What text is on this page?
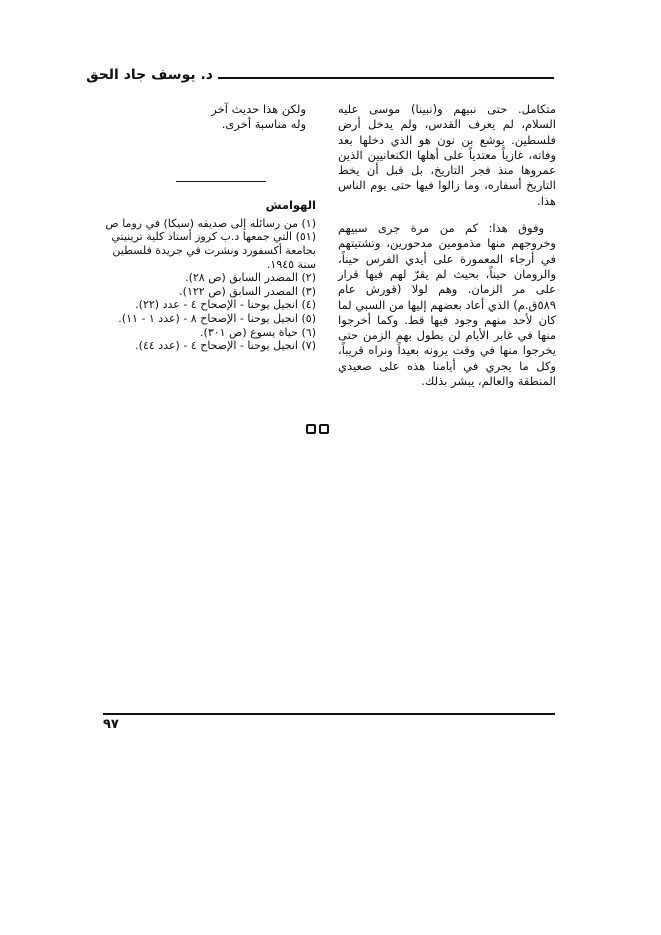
د. يوسف جاد الحق

متكامل. حتى نبيهم و(نبينا) موسى عليه السلام، لم يعرف القدس، ولم يدخل أرض فلسطين. يوشع بن نون هو الذي دخلها بعد وفاته، غازياً معتدياً على أهلها الكنعانيين الذين عمروها منذ فجر التاريخ، بل قبل أن يخط التاريخ أسفاره، وما زالوا فيها حتى يوم الناس هذا.

وفوق هذا: كم من مرة جرى سبيهم وخروجهم منها مذمومين مدحورين، وتشتيتهم في أرجاء المعمورة على أيدي الفرس حيناً، والرومان حيناً، بحيث لم يقرّ لهم فيها قرار على مر الزمان. وهم لولا (قورش عام ٥٨٩ق.م) الذي أعاد بعضهم إليها من السبي لما كان لأحد منهم وجود فيها قط. وكما أخرجوا منها في غابر الأيام لن يطول بهم الزمن حتى يخرجوا منها في وقت يرونه بعيداً ونراه قريباً، وكل ما يجري في أيامنا هذه على صعيدي المنطقة والعالم، يبشر بذلك.

ولكن هذا حديث آخر

وله مناسبة أخرى.

الهوامش
(١) من رسائله إلى صديقه (سيكا) في روما ص (٥١) التي جمعها د.ب كروز أستاذ كلية ترينيتي بجامعة أكسفورد ونشرت في جريدة فلسطين سنة ١٩٤٥.
(٢) المصدر السابق (ص ٢٨).
(٣) المصدر السابق (ص ١٢٢).
(٤) انجيل يوحنا - الإصحاح ٤ - عدد (٢٢).
(٥) انجيل يوحنا - الإصحاح ٨ - (عدد ١ - ١١).
(٦) حياة يسوع (ص ٣٠١).
(٧) انجيل يوحنا - الإصحاح ٤ - (عدد ٤٤).
٩٧
